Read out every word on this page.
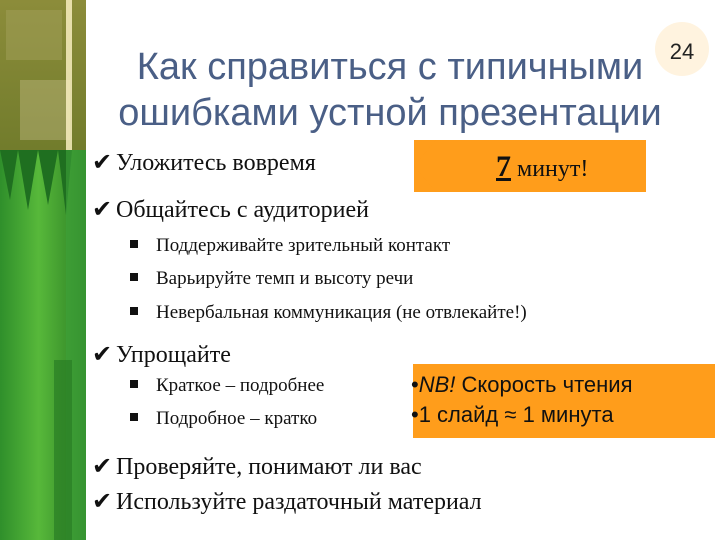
24
Как справиться с типичными
ошибками устной презентации
✔ Уложитесь вовремя
✔ Общайтесь с аудиторией
Поддерживайте зрительный контакт
Варьируйте темп и высоту речи
Невербальная коммуникация (не отвлекайте!)
✔ Упрощайте
Краткое – подробнее
Подробное – кратко
✔ Проверяйте, понимают ли вас
✔ Используйте раздаточный материал
7 минут!
•NB! Скорость чтения
•1 слайд ≈ 1 минута
